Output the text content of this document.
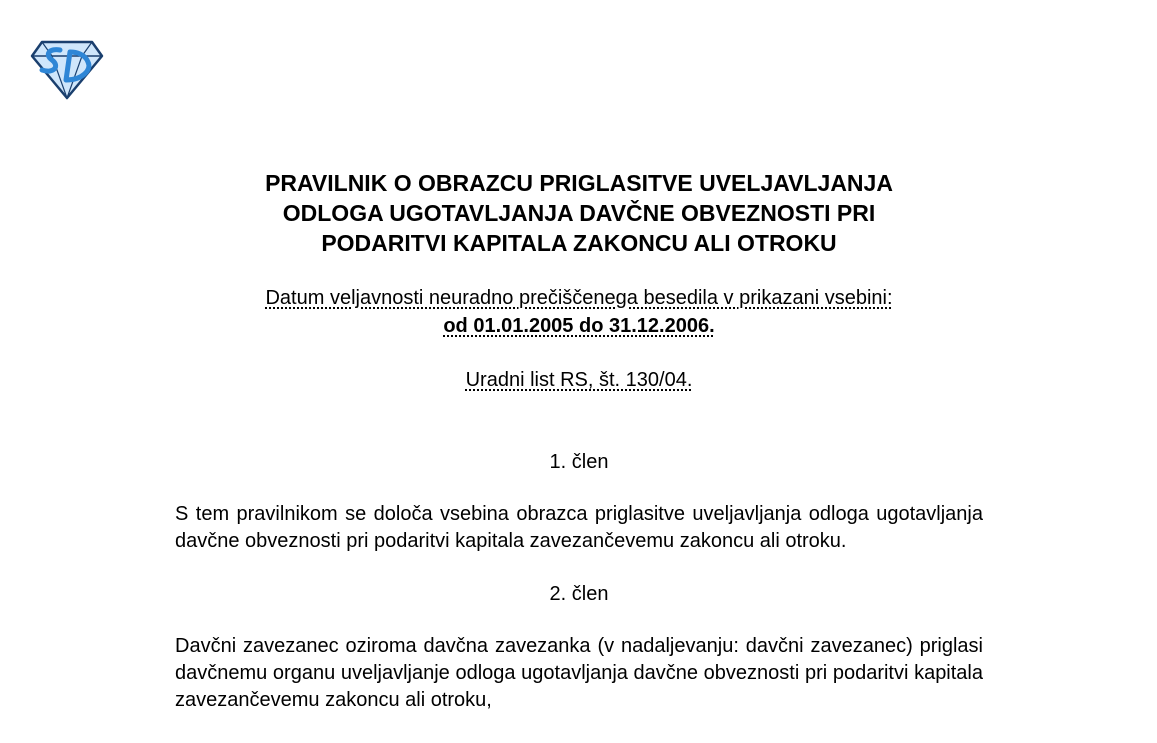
PRAVILNIK O OBRAZCU PRIGLASITVE UVELJAVLJANJA
ODLOGA UGOTAVLJANJA DAVČNE OBVEZNOSTI PRI
PODARITVI KAPITALA ZAKONCU ALI OTROKU

Datum veljavnosti neuradno prečiščenega besedila v prikazani vsebini:
od 01.01.2005 do 31.12.2006.

Uradni list RS, št. 130/04.

1. člen

S tem pravilnikom se določa vsebina obrazca priglasitve uveljavljanja odloga ugotavljanja davčne obveznosti pri podaritvi kapitala zavezančevemu zakoncu ali otroku.

2. člen

Davčni zavezanec oziroma davčna zavezanka (v nadaljevanju: davčni zavezanec) priglasi davčnemu organu uveljavljanje odloga ugotavljanja davčne obveznosti pri podaritvi kapitala zavezančevemu zakoncu ali otroku,
